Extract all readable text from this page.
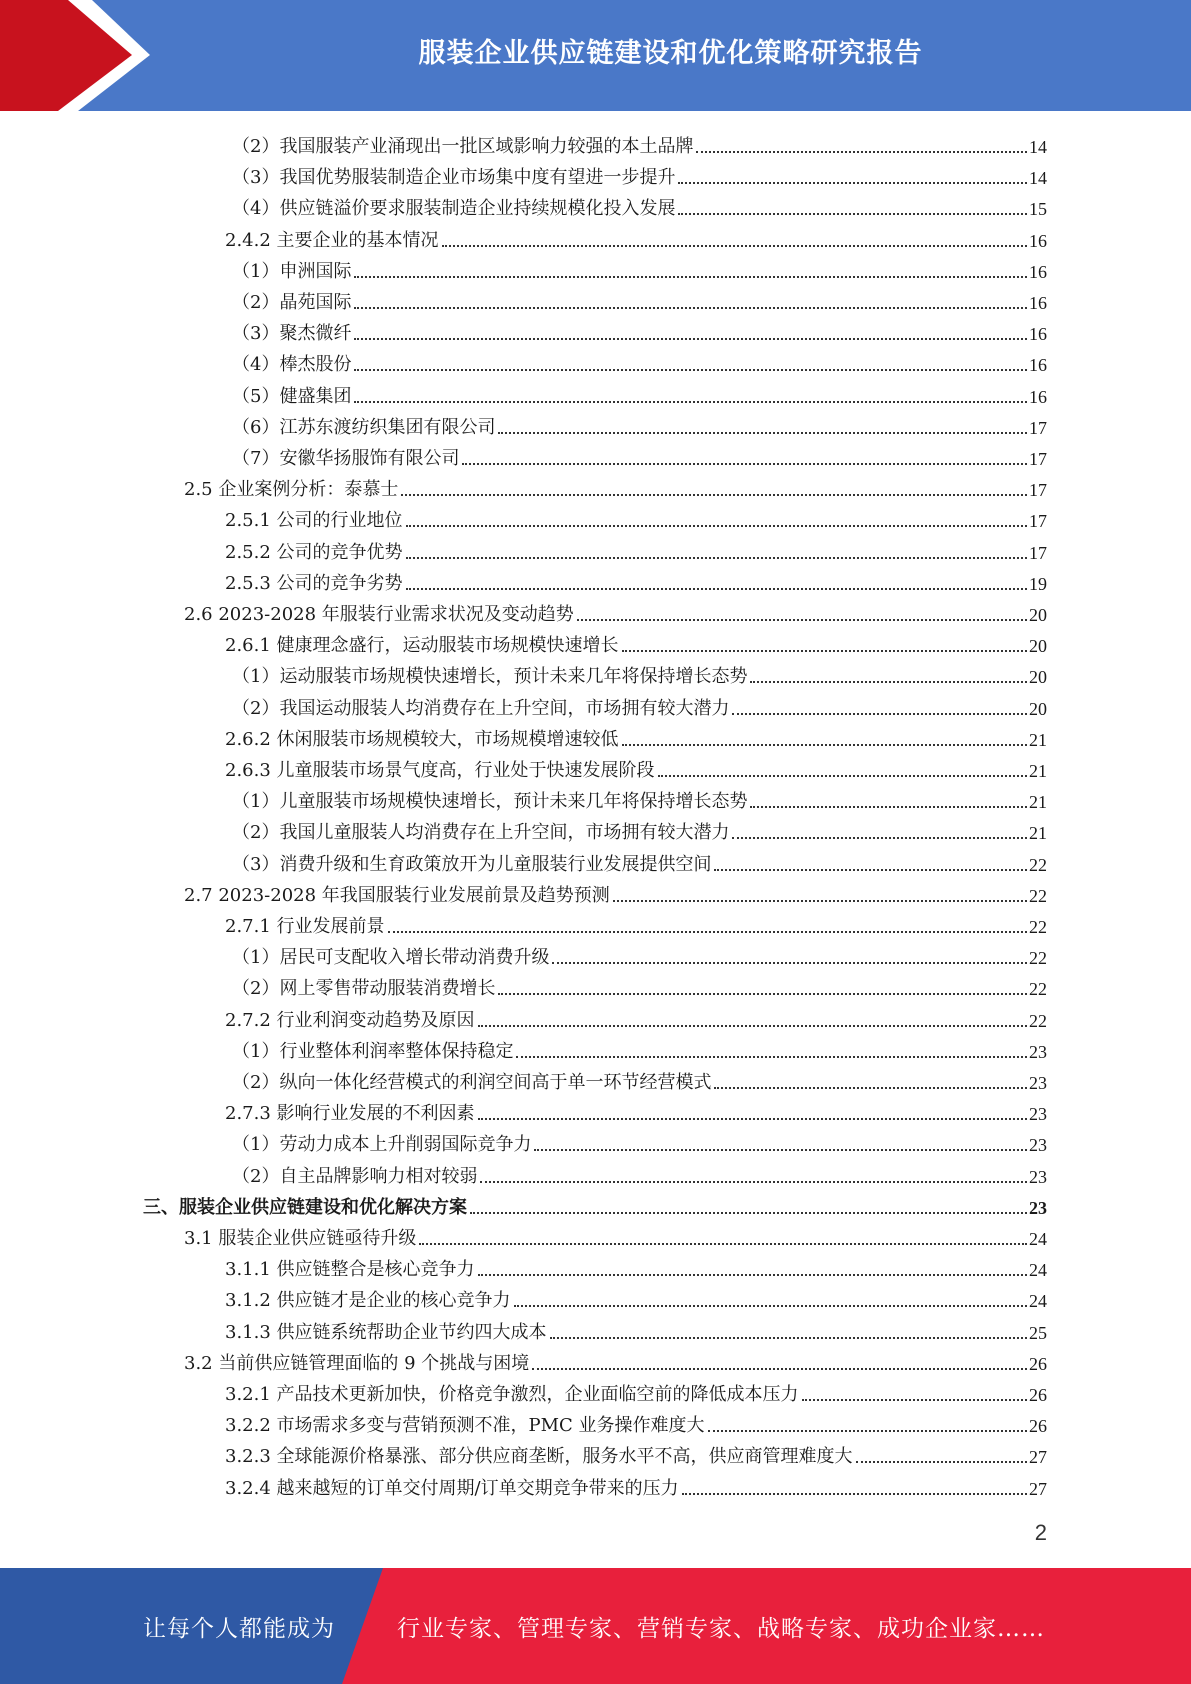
服装企业供应链建设和优化策略研究报告
（2）我国服装产业涌现出一批区域影响力较强的本土品牌	14
（3）我国优势服装制造企业市场集中度有望进一步提升	14
（4）供应链溢价要求服装制造企业持续规模化投入发展	15
2.4.2 主要企业的基本情况	16
（1）申洲国际	16
（2）晶苑国际	16
（3）聚杰微纤	16
（4）棒杰股份	16
（5）健盛集团	16
（6）江苏东渡纺织集团有限公司	17
（7）安徽华扬服饰有限公司	17
2.5 企业案例分析：泰慕士	17
2.5.1 公司的行业地位	17
2.5.2 公司的竞争优势	17
2.5.3 公司的竞争劣势	19
2.6 2023-2028 年服装行业需求状况及变动趋势	20
2.6.1 健康理念盛行，运动服装市场规模快速增长	20
（1）运动服装市场规模快速增长，预计未来几年将保持增长态势	20
（2）我国运动服装人均消费存在上升空间，市场拥有较大潜力	20
2.6.2 休闲服装市场规模较大，市场规模增速较低	21
2.6.3 儿童服装市场景气度高，行业处于快速发展阶段	21
（1）儿童服装市场规模快速增长，预计未来几年将保持增长态势	21
（2）我国儿童服装人均消费存在上升空间，市场拥有较大潜力	21
（3）消费升级和生育政策放开为儿童服装行业发展提供空间	22
2.7 2023-2028 年我国服装行业发展前景及趋势预测	22
2.7.1 行业发展前景	22
（1）居民可支配收入增长带动消费升级	22
（2）网上零售带动服装消费增长	22
2.7.2 行业利润变动趋势及原因	22
（1）行业整体利润率整体保持稳定	23
（2）纵向一体化经营模式的利润空间高于单一环节经营模式	23
2.7.3 影响行业发展的不利因素	23
（1）劳动力成本上升削弱国际竞争力	23
（2）自主品牌影响力相对较弱	23
三、服装企业供应链建设和优化解决方案	23
3.1 服装企业供应链亟待升级	24
3.1.1 供应链整合是核心竞争力	24
3.1.2 供应链才是企业的核心竞争力	24
3.1.3 供应链系统帮助企业节约四大成本	25
3.2 当前供应链管理面临的 9 个挑战与困境	26
3.2.1 产品技术更新加快，价格竞争激烈，企业面临空前的降低成本压力	26
3.2.2 市场需求多变与营销预测不准，PMC 业务操作难度大	26
3.2.3 全球能源价格暴涨、部分供应商垄断，服务水平不高，供应商管理难度大	27
3.2.4 越来越短的订单交付周期/订单交期竞争带来的压力	27
2
让每个人都能成为	行业专家、管理专家、营销专家、战略专家、成功企业家……
